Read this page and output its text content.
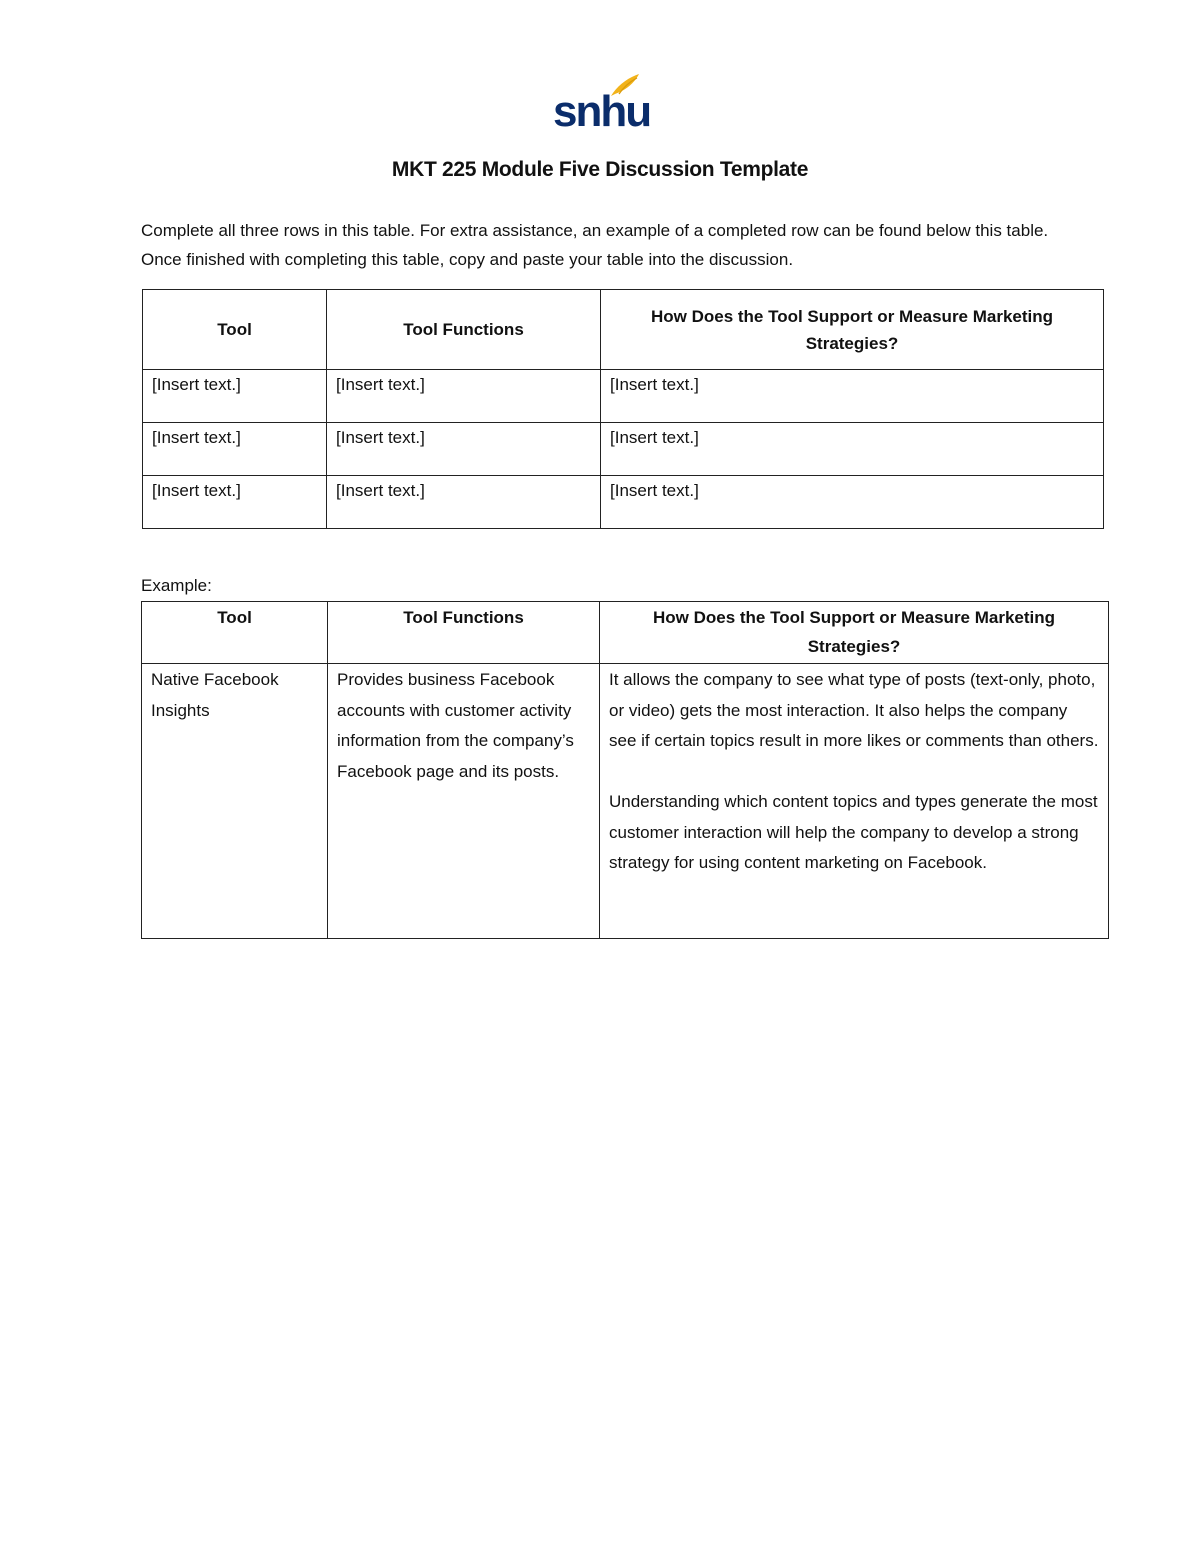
snhu
MKT 225 Module Five Discussion Template
Complete all three rows in this table. For extra assistance, an example of a completed row can be found below this table. Once finished with completing this table, copy and paste your table into the discussion.
Tool	Tool Functions	How Does the Tool Support or Measure Marketing Strategies?
[Insert text.]	[Insert text.]	[Insert text.]
[Insert text.]	[Insert text.]	[Insert text.]
[Insert text.]	[Insert text.]	[Insert text.]
Example:
Tool	Tool Functions	How Does the Tool Support or Measure Marketing Strategies?
Native Facebook Insights	Provides business Facebook accounts with customer activity information from the company’s Facebook page and its posts.	It allows the company to see what type of posts (text-only, photo, or video) gets the most interaction. It also helps the company see if certain topics result in more likes or comments than others.
Understanding which content topics and types generate the most customer interaction will help the company to develop a strong strategy for using content marketing on Facebook.
